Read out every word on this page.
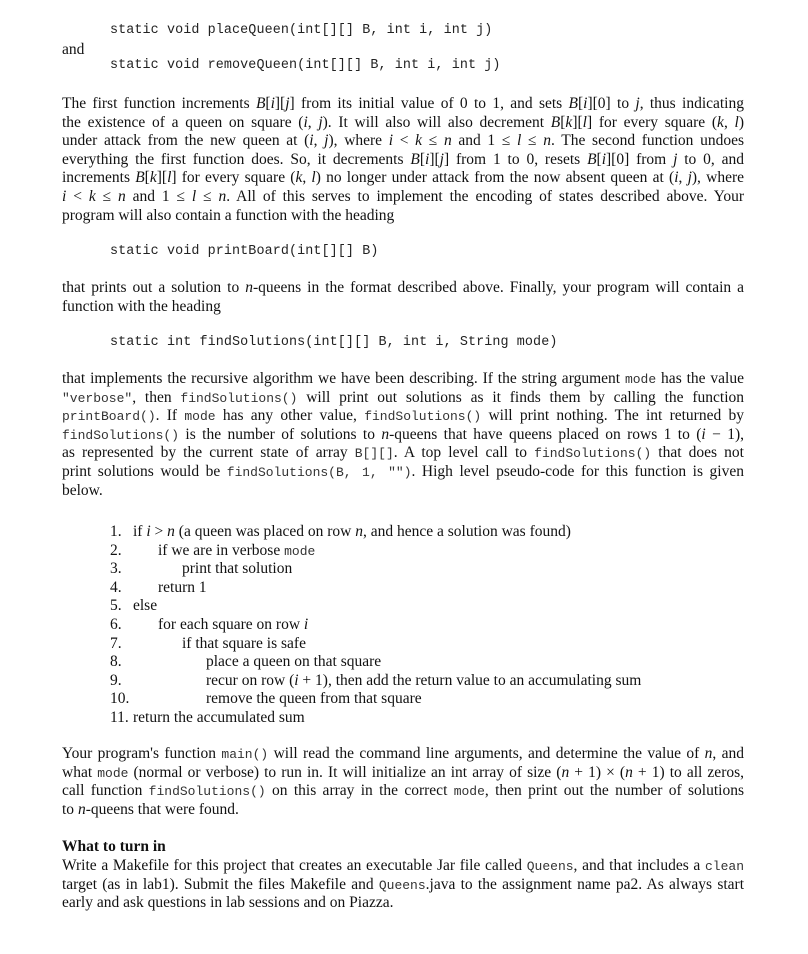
static void placeQueen(int[][] B, int i, int j)
and
static void removeQueen(int[][] B, int i, int j)
The first function increments B[i][j] from its initial value of 0 to 1, and sets B[i][0] to j, thus indicating
the existence of a queen on square (i, j). It will also will also decrement B[k][l] for every square (k, l)
under attack from the new queen at (i, j), where i < k ≤ n and 1 ≤ l ≤ n. The second function undoes
everything the first function does. So, it decrements B[i][j] from 1 to 0, resets B[i][0] from j to 0, and
increments B[k][l] for every square (k, l) no longer under attack from the now absent queen at (i, j), where
i < k ≤ n and 1 ≤ l ≤ n. All of this serves to implement the encoding of states described above. Your
program will also contain a function with the heading
static void printBoard(int[][] B)
that prints out a solution to n-queens in the format described above. Finally, your program will contain a
function with the heading
static int findSolutions(int[][] B, int i, String mode)
that implements the recursive algorithm we have been describing. If the string argument mode has the value
"verbose", then findSolutions() will print out solutions as it finds them by calling the function
printBoard(). If mode has any other value, findSolutions() will print nothing. The int returned by
findSolutions() is the number of solutions to n-queens that have queens placed on rows 1 to (i − 1),
as represented by the current state of array B[][]. A top level call to findSolutions() that does not
print solutions would be findSolutions(B, 1, ""). High level pseudo-code for this function is given
below.
1. if i > n (a queen was placed on row n, and hence a solution was found)
2. if we are in verbose mode
3.	print that solution
4. return 1
5. else
6. for each square on row i
7.	if that square is safe
8.	place a queen on that square
9.	recur on row (i + 1), then add the return value to an accumulating sum
10.	remove the queen from that square
11. return the accumulated sum
Your program's function main() will read the command line arguments, and determine the value of n, and
what mode (normal or verbose) to run in. It will initialize an int array of size (n + 1) × (n + 1) to all zeros,
call function findSolutions() on this array in the correct mode, then print out the number of solutions
to n-queens that were found.
What to turn in
Write a Makefile for this project that creates an executable Jar file called Queens, and that includes a clean
target (as in lab1). Submit the files Makefile and Queens.java to the assignment name pa2. As always start
early and ask questions in lab sessions and on Piazza.
